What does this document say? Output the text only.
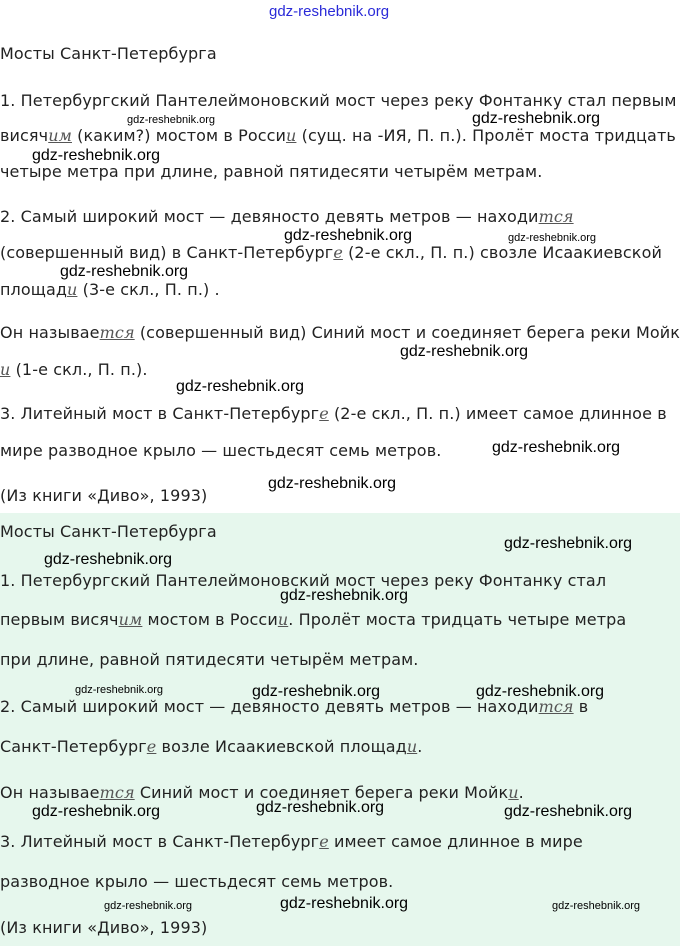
Мосты Санкт-Петербурга
1. Петербургский Пантелеймоновский мост через реку Фонтанку стал первым
висячим (каким?) мостом в России (сущ. на -ИЯ, П. п.). Пролёт моста тридцать
четыре метра при длине, равной пятидесяти четырём метрам.
2. Самый широкий мост — девяносто девять метров — находится
(совершенный вид) в Санкт-Петербурге (2-е скл., П. п.) свозле Исаакиевской
площади (3-е скл., П. п.) .
Он называется (совершенный вид) Синий мост и соединяет берега реки Мойк
и (1-е скл., П. п.).
3. Литейный мост в Санкт-Петербурге (2-е скл., П. п.) имеет самое длинное в
мире разводное крыло — шестьдесят семь метров.
(Из книги «Диво», 1993)
Мосты Санкт-Петербурга
1. Петербургский Пантелеймоновский мост через реку Фонтанку стал
первым висячим мостом в России. Пролёт моста тридцать четыре метра
при длине, равной пятидесяти четырём метрам.
2. Самый широкий мост — девяносто девять метров — находится в
Санкт-Петербурге возле Исаакиевской площади.
Он называется Синий мост и соединяет берега реки Мойки.
3. Литейный мост в Санкт-Петербурге имеет самое длинное в мире
разводное крыло — шестьдесят семь метров.
(Из книги «Диво», 1993)
gdz-reshebnik.org
gdz-reshebnik.org	gdz-reshebnik.org
gdz-reshebnik.org
gdz-reshebnik.org	gdz-reshebnik.org
gdz-reshebnik.org
gdz-reshebnik.org
gdz-reshebnik.org
gdz-reshebnik.org
gdz-reshebnik.org
gdz-reshebnik.org
gdz-reshebnik.org
gdz-reshebnik.org
gdz-reshebnik.org	gdz-reshebnik.org	gdz-reshebnik.org
gdz-reshebnik.org	gdz-reshebnik.org	gdz-reshebnik.org
gdz-reshebnik.org	gdz-reshebnik.org	gdz-reshebnik.org
